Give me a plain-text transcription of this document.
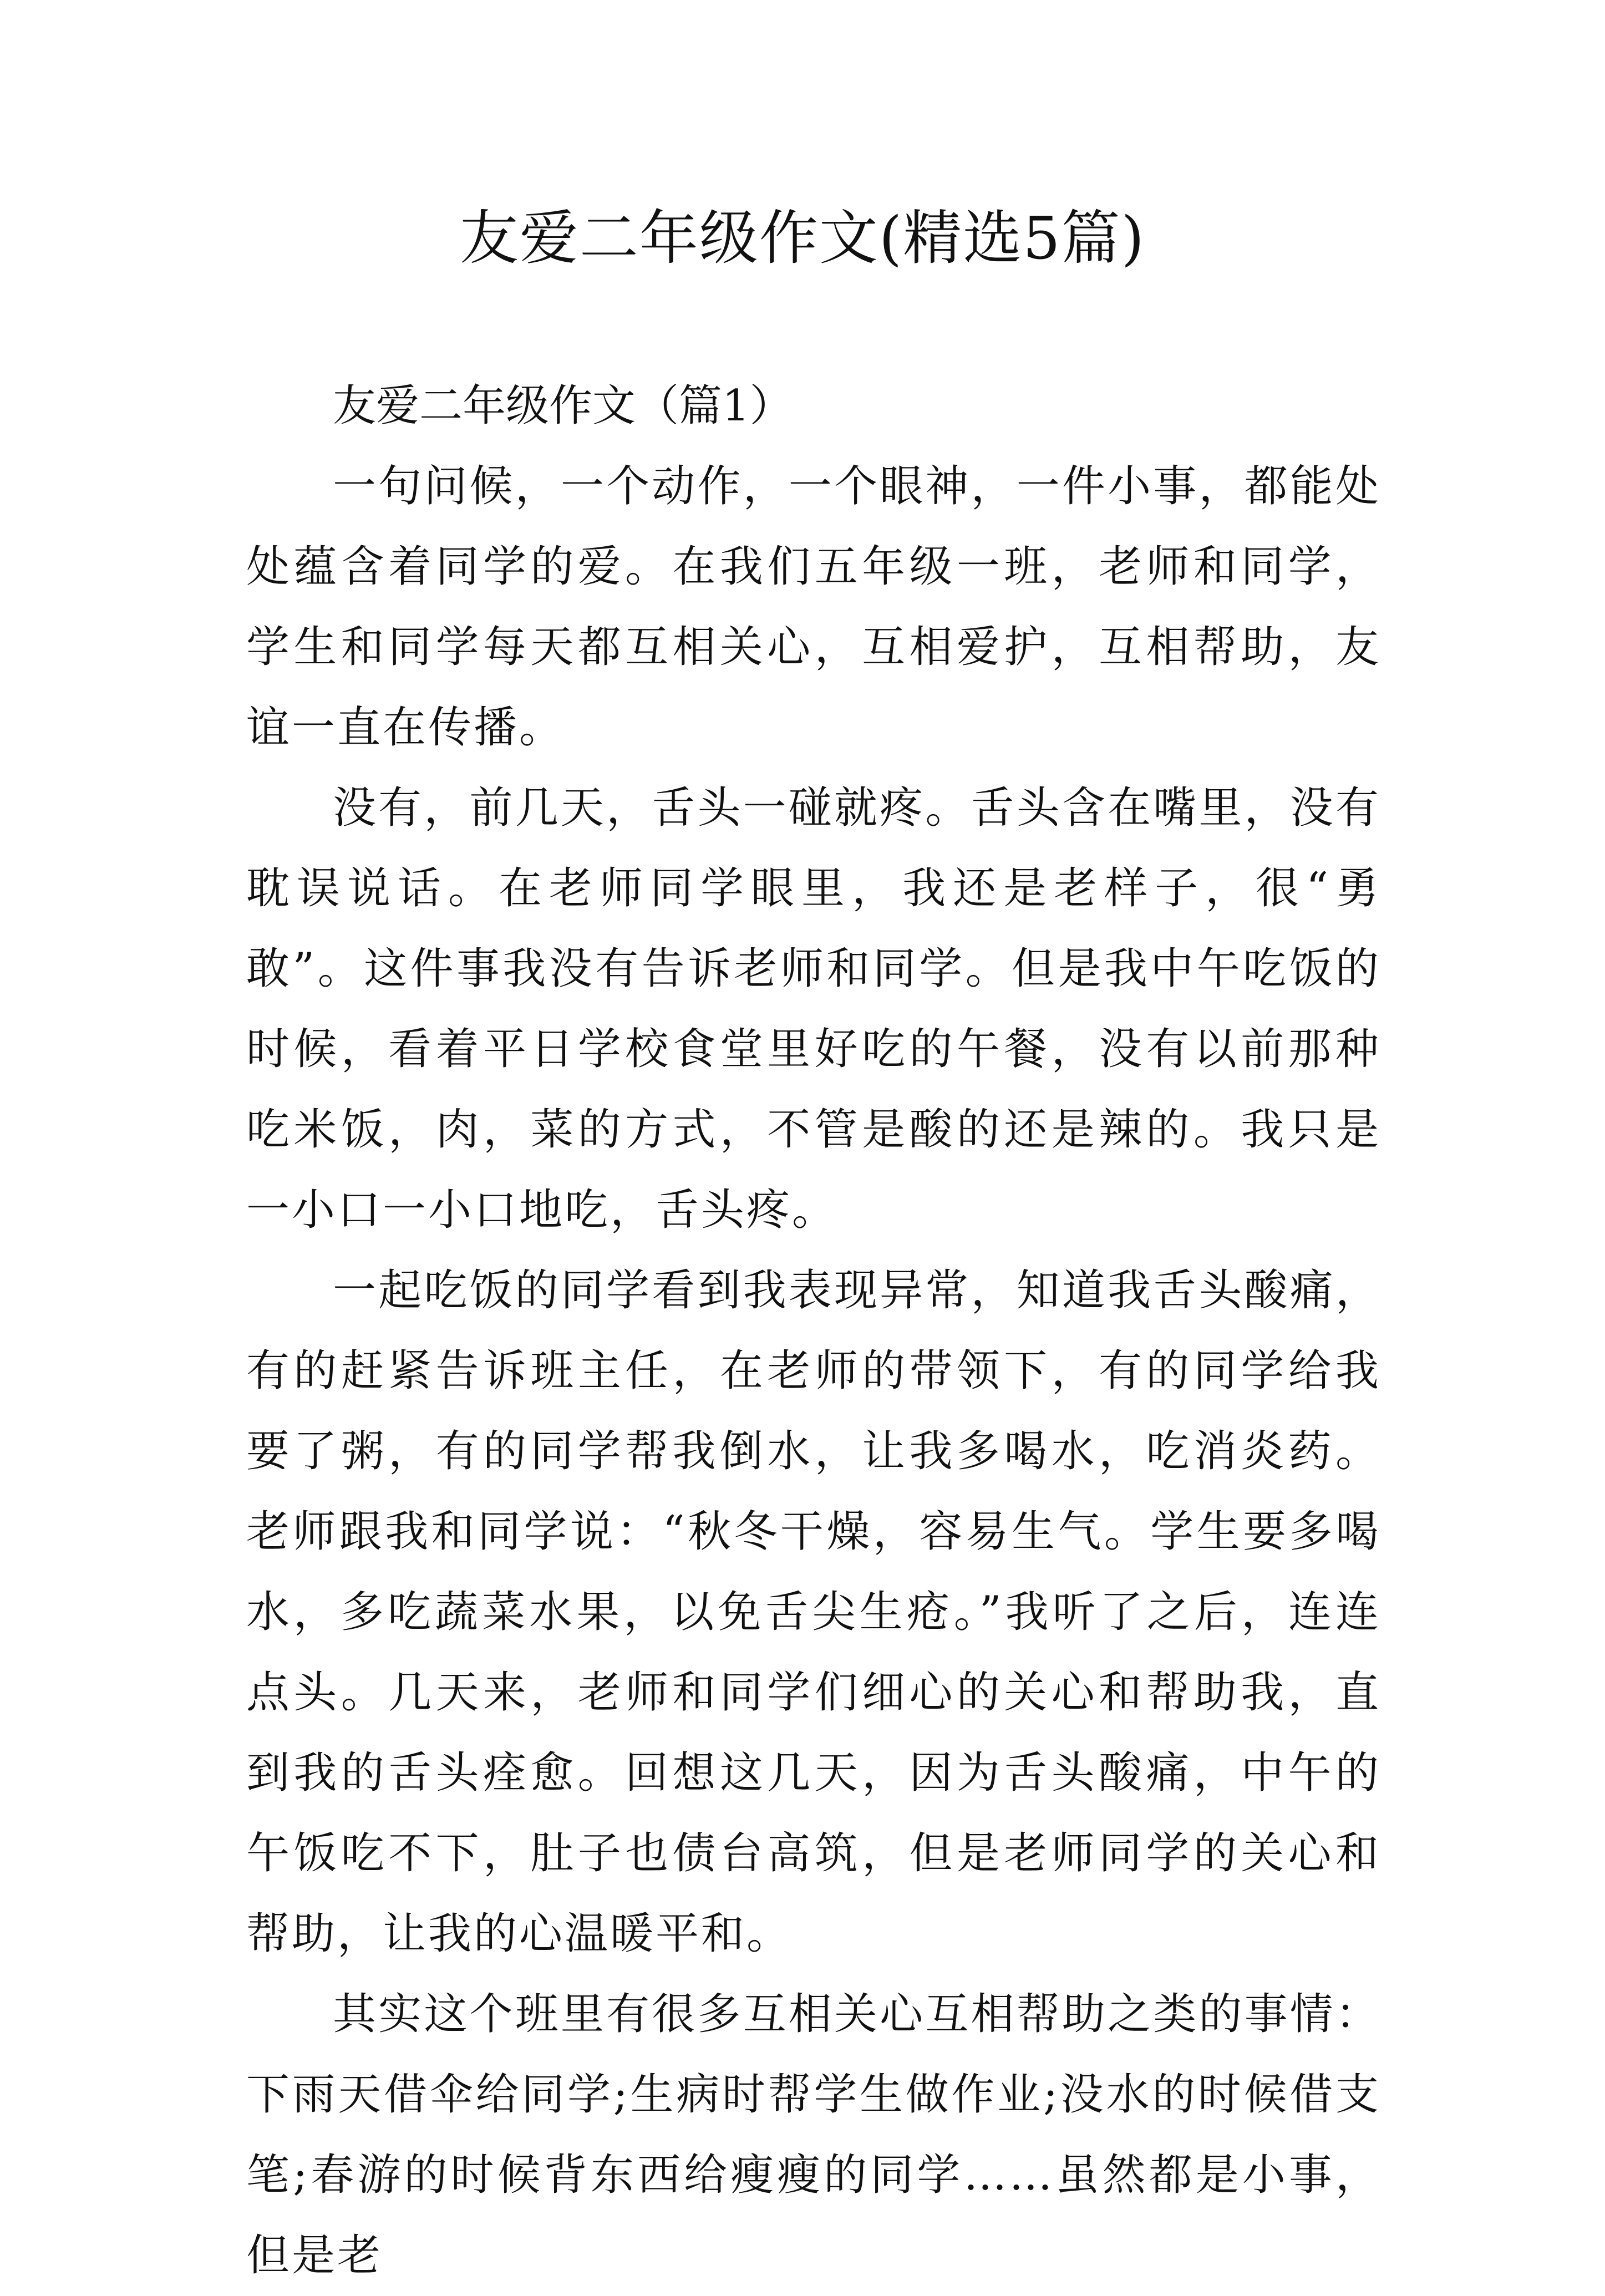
友爱二年级作文(精选5篇)

友爱二年级作文（篇1）

一句问候，一个动作，一个眼神，一件小事，都能处处蕴含着同学的爱。在我们五年级一班，老师和同学，学生和同学每天都互相关心，互相爱护，互相帮助，友谊一直在传播。

没有，前几天，舌头一碰就疼。舌头含在嘴里，没有耽误说话。在老师同学眼里，我还是老样子，很“勇敢”。这件事我没有告诉老师和同学。但是我中午吃饭的时候，看着平日学校食堂里好吃的午餐，没有以前那种吃米饭，肉，菜的方式，不管是酸的还是辣的。我只是一小口一小口地吃，舌头疼。

一起吃饭的同学看到我表现异常，知道我舌头酸痛，有的赶紧告诉班主任，在老师的带领下，有的同学给我要了粥，有的同学帮我倒水，让我多喝水，吃消炎药。老师跟我和同学说：“秋冬干燥，容易生气。学生要多喝水，多吃蔬菜水果，以免舌尖生疮。”我听了之后，连连点头。几天来，老师和同学们细心的关心和帮助我，直到我的舌头痊愈。回想这几天，因为舌头酸痛，中午的午饭吃不下，肚子也债台高筑，但是老师同学的关心和帮助，让我的心温暖平和。

其实这个班里有很多互相关心互相帮助之类的事情：下雨天借伞给同学;生病时帮学生做作业;没水的时候借支笔;春游的时候背东西给瘦瘦的同学……虽然都是小事，但是老
